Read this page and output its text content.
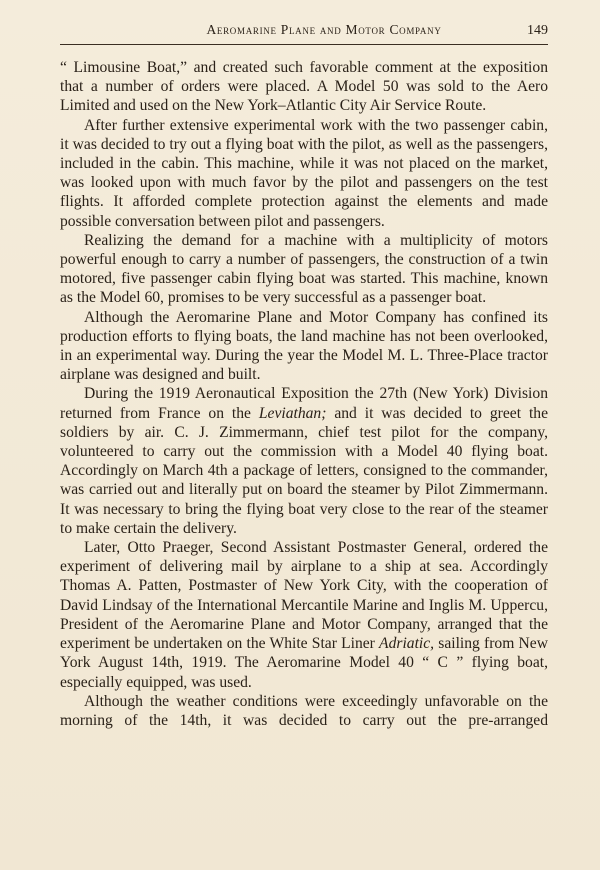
Aeromarine Plane and Motor Company	149

“ Limousine Boat,” and created such favorable comment at the exposition that a number of orders were placed. A Model 50 was sold to the Aero Limited and used on the New York–Atlantic City Air Service Route.

After further extensive experimental work with the two passenger cabin, it was decided to try out a flying boat with the pilot, as well as the passengers, included in the cabin. This machine, while it was not placed on the market, was looked upon with much favor by the pilot and passengers on the test flights. It afforded complete protection against the elements and made possible conversation between pilot and passengers.

Realizing the demand for a machine with a multiplicity of motors powerful enough to carry a number of passengers, the construction of a twin motored, five passenger cabin flying boat was started. This machine, known as the Model 60, promises to be very successful as a passenger boat.

Although the Aeromarine Plane and Motor Company has confined its production efforts to flying boats, the land machine has not been overlooked, in an experimental way. During the year the Model M. L. Three-Place tractor airplane was designed and built.

During the 1919 Aeronautical Exposition the 27th (New York) Division returned from France on the Leviathan; and it was decided to greet the soldiers by air. C. J. Zimmermann, chief test pilot for the company, volunteered to carry out the commission with a Model 40 flying boat. Accordingly on March 4th a package of letters, consigned to the commander, was carried out and literally put on board the steamer by Pilot Zimmermann. It was necessary to bring the flying boat very close to the rear of the steamer to make certain the delivery.

Later, Otto Praeger, Second Assistant Postmaster General, ordered the experiment of delivering mail by airplane to a ship at sea. Accordingly Thomas A. Patten, Postmaster of New York City, with the cooperation of David Lindsay of the International Mercantile Marine and Inglis M. Uppercu, President of the Aeromarine Plane and Motor Company, arranged that the experiment be undertaken on the White Star Liner Adriatic, sailing from New York August 14th, 1919. The Aeromarine Model 40 “ C ” flying boat, especially equipped, was used.

Although the weather conditions were exceedingly unfavorable on the morning of the 14th, it was decided to carry out the pre-arranged
